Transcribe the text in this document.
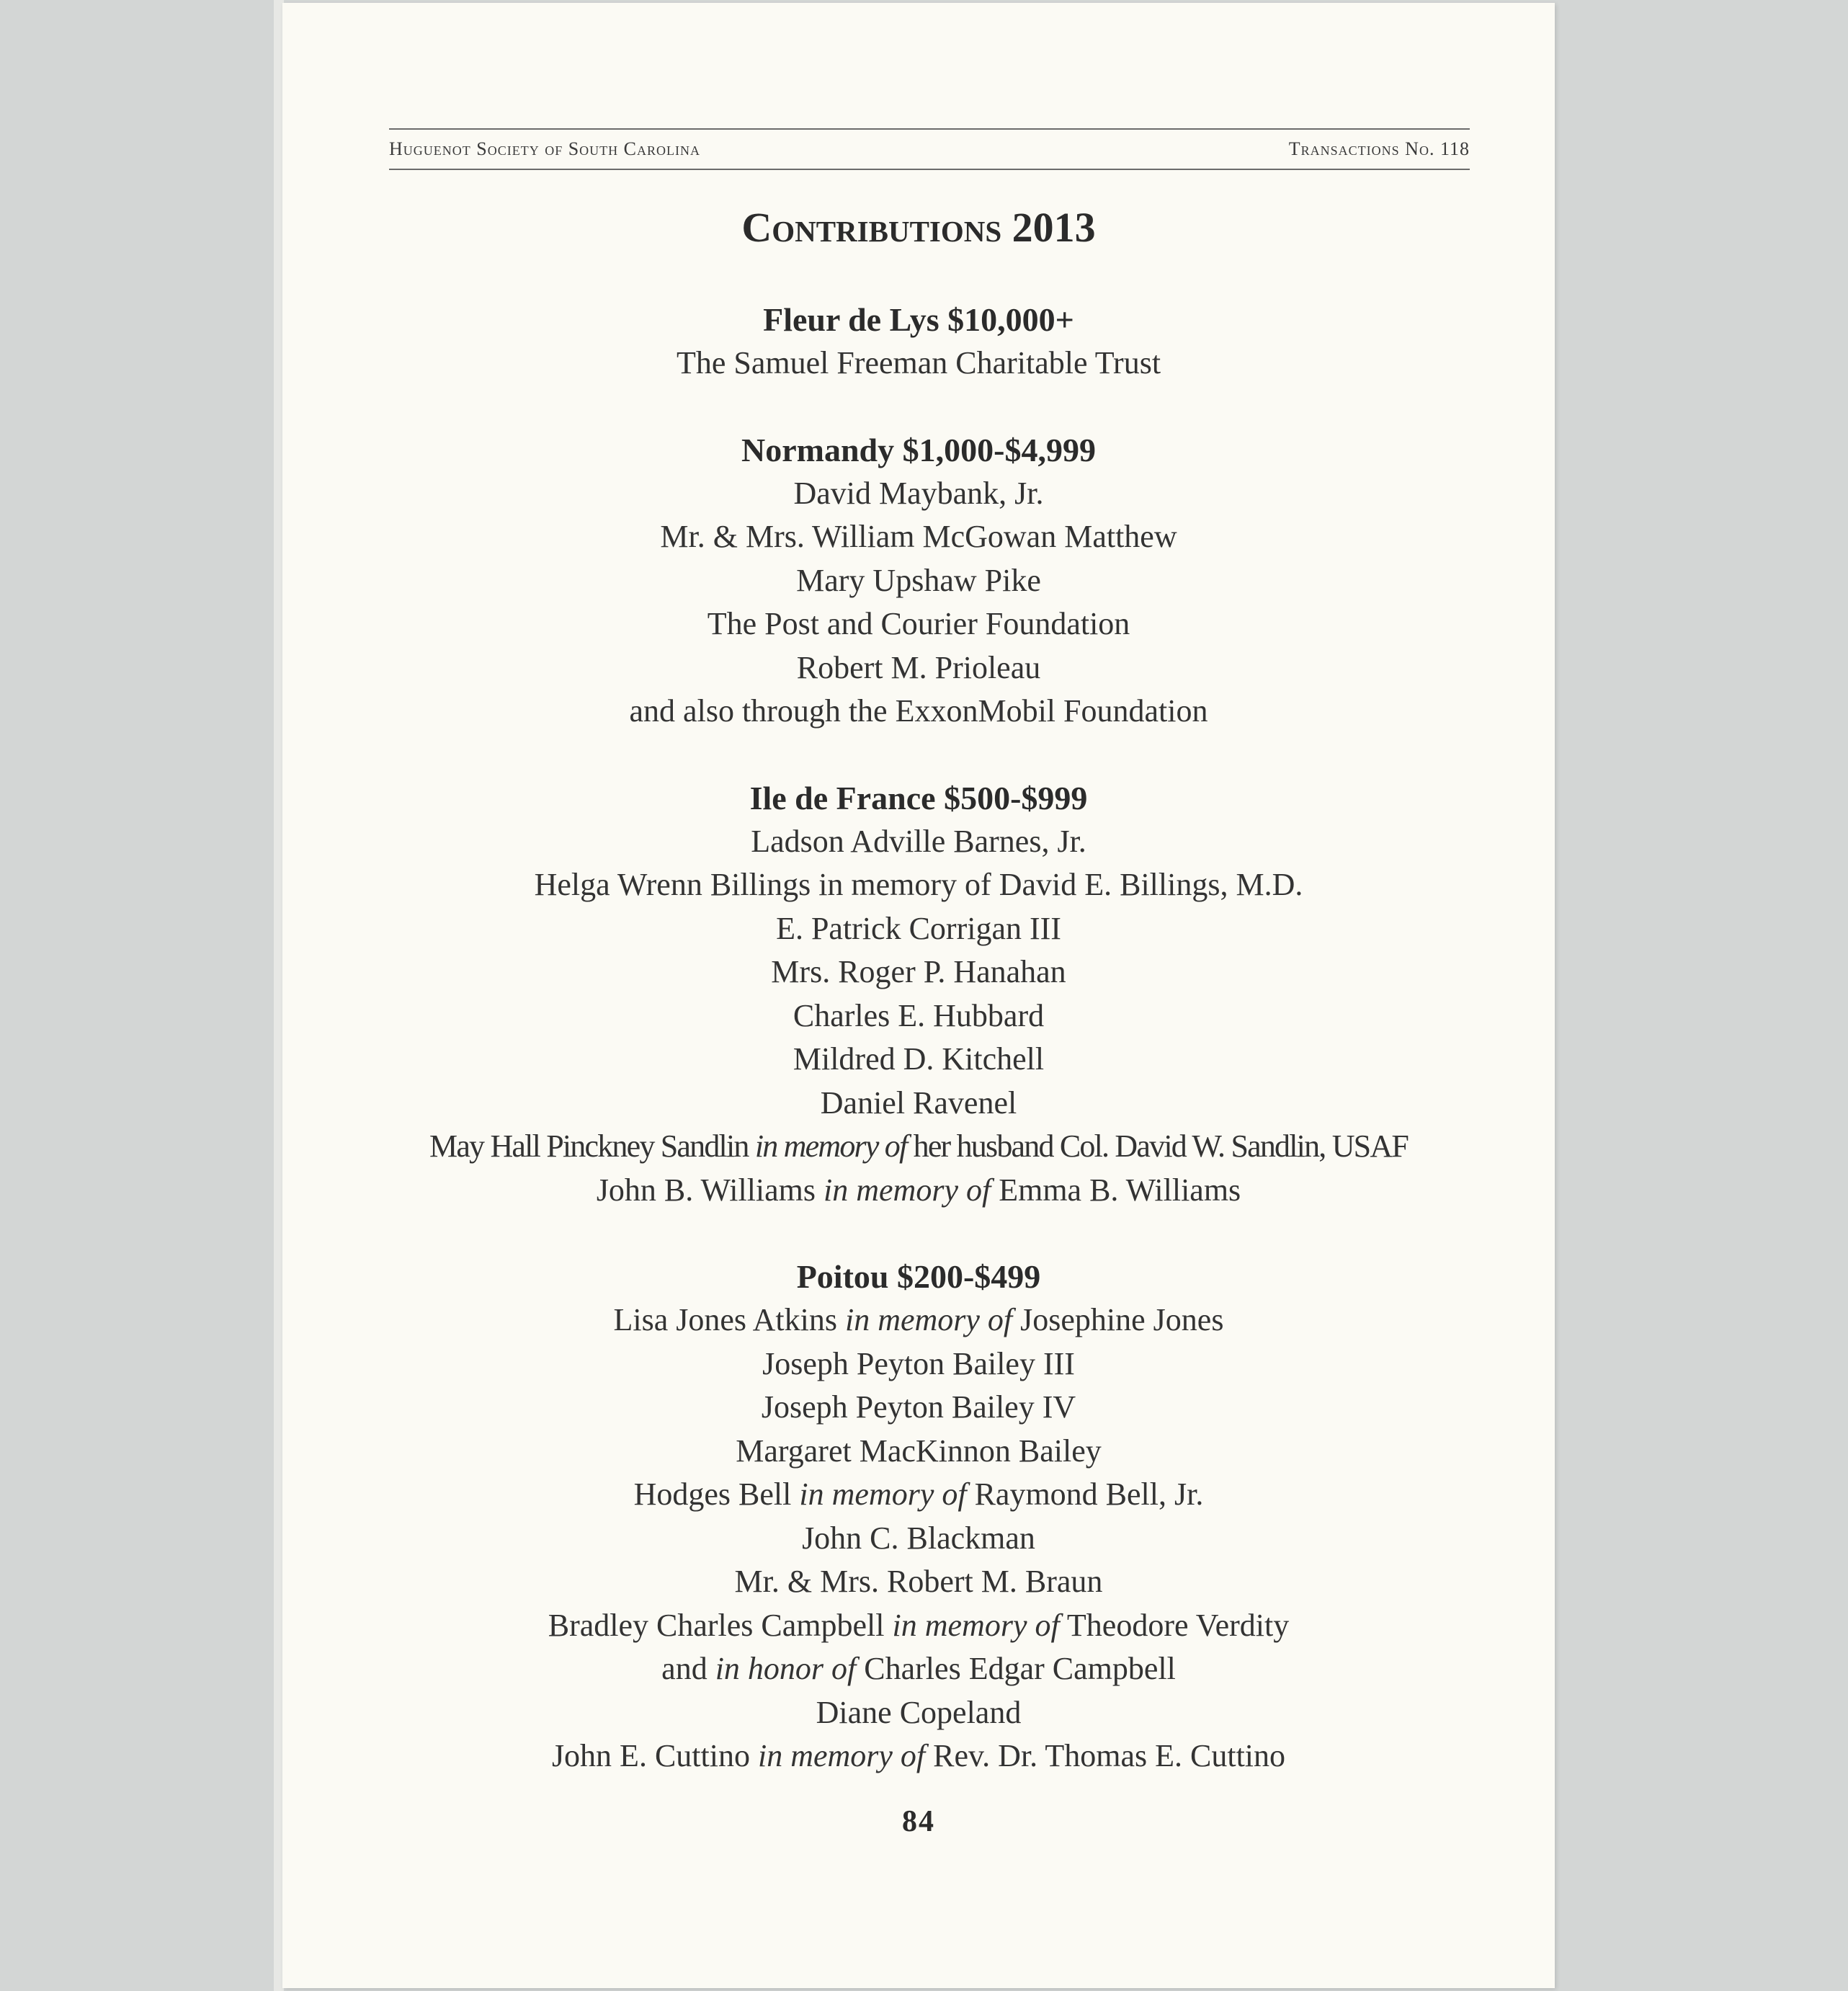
Huguenot Society of South Carolina	Transactions No. 118
Contributions 2013
Fleur de Lys $10,000+
The Samuel Freeman Charitable Trust
Normandy $1,000-$4,999
David Maybank, Jr.
Mr. & Mrs. William McGowan Matthew
Mary Upshaw Pike
The Post and Courier Foundation
Robert M. Prioleau
and also through the ExxonMobil Foundation
Ile de France $500-$999
Ladson Adville Barnes, Jr.
Helga Wrenn Billings in memory of David E. Billings, M.D.
E. Patrick Corrigan III
Mrs. Roger P. Hanahan
Charles E. Hubbard
Mildred D. Kitchell
Daniel Ravenel
May Hall Pinckney Sandlin in memory of her husband Col. David W. Sandlin, USAF
John B. Williams in memory of Emma B. Williams
Poitou $200-$499
Lisa Jones Atkins in memory of Josephine Jones
Joseph Peyton Bailey III
Joseph Peyton Bailey IV
Margaret MacKinnon Bailey
Hodges Bell in memory of Raymond Bell, Jr.
John C. Blackman
Mr. & Mrs. Robert M. Braun
Bradley Charles Campbell in memory of Theodore Verdity
and in honor of Charles Edgar Campbell
Diane Copeland
John E. Cuttino in memory of Rev. Dr. Thomas E. Cuttino
84
